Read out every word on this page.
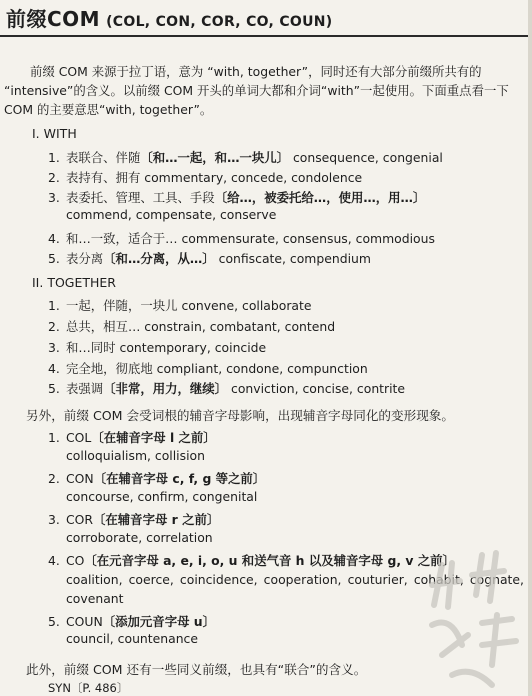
前缀COM (COL, CON, COR, CO, COUN)

前缀 COM 来源于拉丁语，意为 “with, together”，同时还有大部分前缀所共有的

“intensive”的含义。以前缀 COM 开头的单词大都和介词“with”一起使用。下面重点看一下

COM 的主要意思“with, together”。

I. WITH
1. 表联合、伴随〔和…一起，和…一块儿〕 consequence, congenial
2. 表持有、拥有 commentary, concede, condolence
3. 表委托、管理、工具、手段〔给…，被委托给…，使用…，用…〕
commend, compensate, conserve
4. 和…一致，适合于… commensurate, consensus, commodious
5. 表分离〔和…分离，从…〕 confiscate, compendium
II. TOGETHER
1. 一起，伴随，一块儿 convene, collaborate
2. 总共，相互… constrain, combatant, contend
3. 和…同时 contemporary, coincide
4. 完全地，彻底地 compliant, condone, compunction
5. 表强调〔非常，用力，继续〕 conviction, concise, contrite
另外，前缀 COM 会受词根的辅音字母影响，出现辅音字母同化的变形现象。
1. COL〔在辅音字母 l 之前〕
colloquialism, collision
2. CON〔在辅音字母 c, f, g 等之前〕
concourse, confirm, congenital
3. COR〔在辅音字母 r 之前〕
corroborate, correlation
4. CO〔在元音字母 a, e, i, o, u 和送气音 h 以及辅音字母 g, v 之前〕
coalition, coerce, coincidence, cooperation, couturier, cohabit, cognate,
covenant
5. COUN〔添加元音字母 u〕
council, countenance
此外，前缀 COM 还有一些同义前缀，也具有“联合”的含义。
SYN〔P. 486〕
